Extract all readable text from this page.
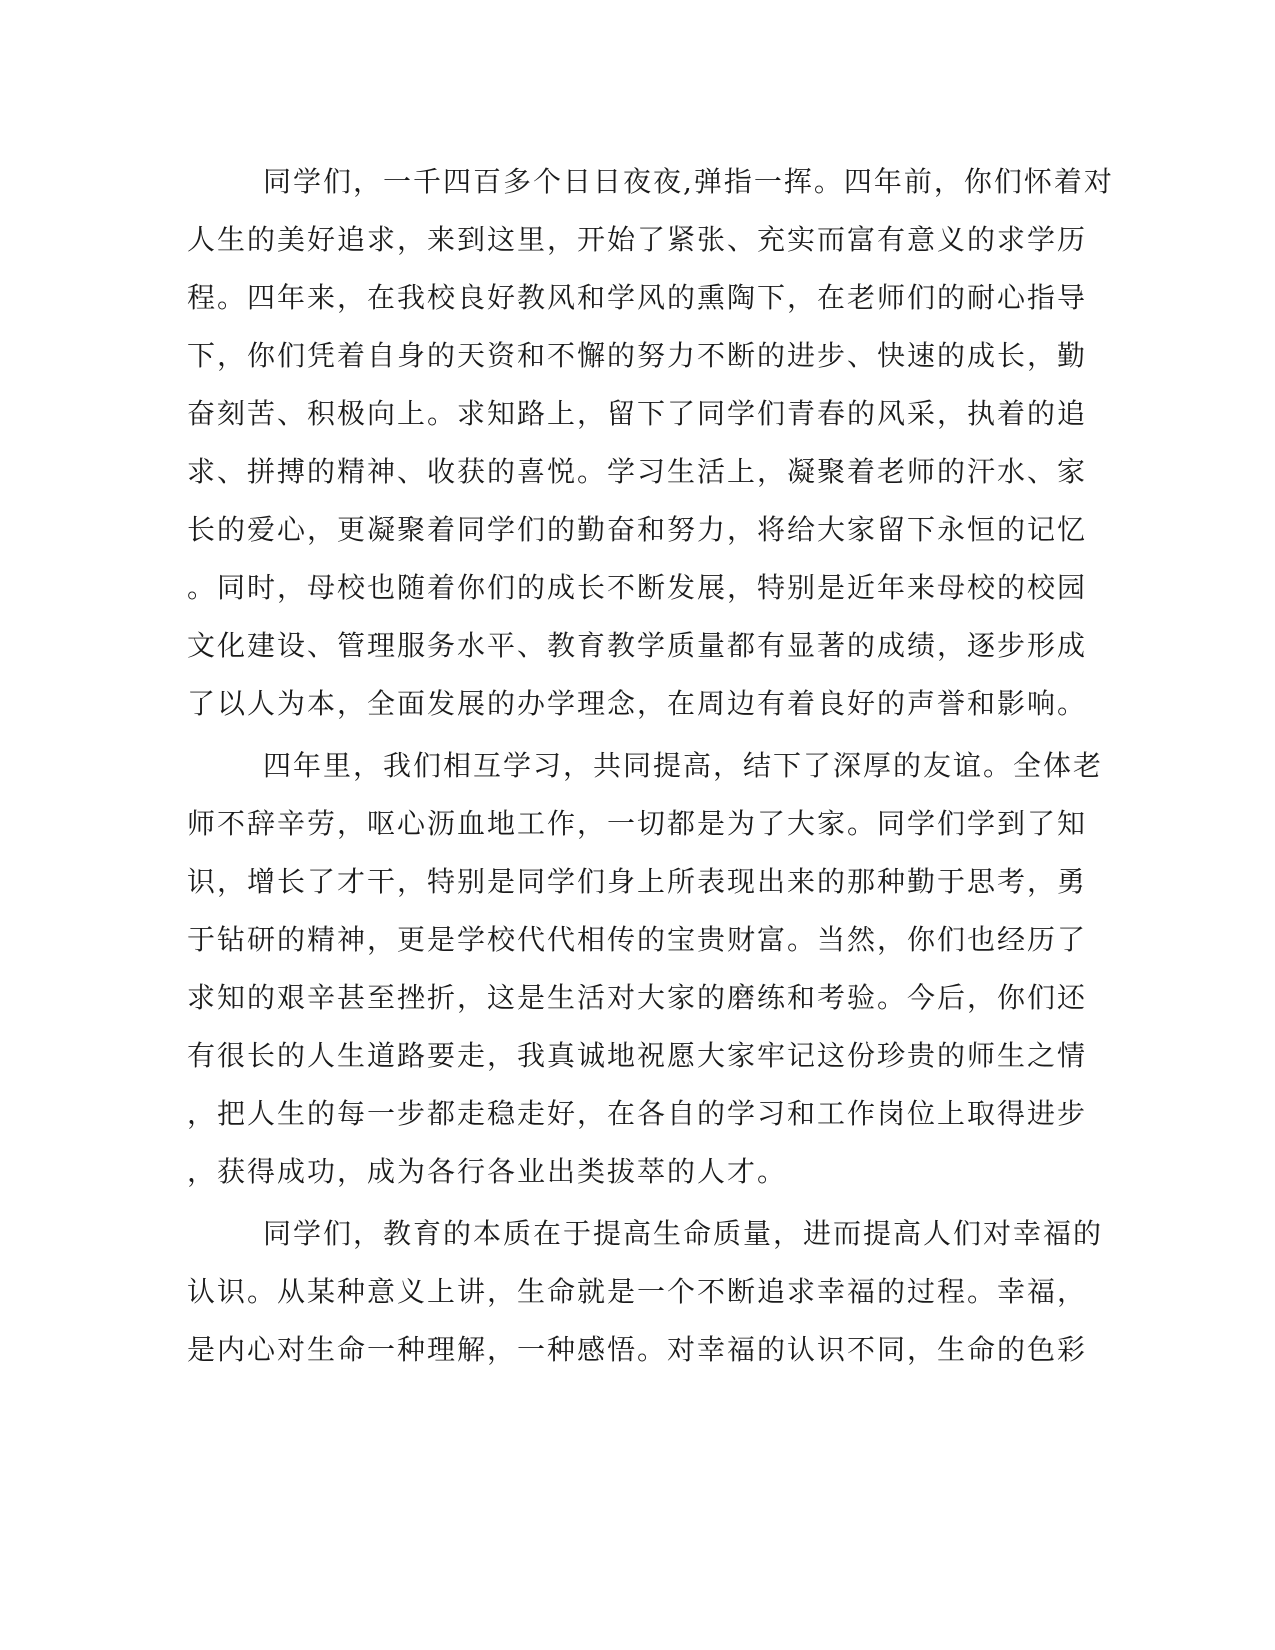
同学们，一千四百多个日日夜夜,弹指一挥。四年前，你们怀着对
人生的美好追求，来到这里，开始了紧张、充实而富有意义的求学历
程。四年来，在我校良好教风和学风的熏陶下，在老师们的耐心指导
下，你们凭着自身的天资和不懈的努力不断的进步、快速的成长，勤
奋刻苦、积极向上。求知路上，留下了同学们青春的风采，执着的追
求、拼搏的精神、收获的喜悦。学习生活上，凝聚着老师的汗水、家
长的爱心，更凝聚着同学们的勤奋和努力，将给大家留下永恒的记忆
。同时，母校也随着你们的成长不断发展，特别是近年来母校的校园
文化建设、管理服务水平、教育教学质量都有显著的成绩，逐步形成
了以人为本，全面发展的办学理念，在周边有着良好的声誉和影响。
四年里，我们相互学习，共同提高，结下了深厚的友谊。全体老
师不辞辛劳，呕心沥血地工作，一切都是为了大家。同学们学到了知
识，增长了才干，特别是同学们身上所表现出来的那种勤于思考，勇
于钻研的精神，更是学校代代相传的宝贵财富。当然，你们也经历了
求知的艰辛甚至挫折，这是生活对大家的磨练和考验。今后，你们还
有很长的人生道路要走，我真诚地祝愿大家牢记这份珍贵的师生之情
，把人生的每一步都走稳走好，在各自的学习和工作岗位上取得进步
，获得成功，成为各行各业出类拔萃的人才。
同学们，教育的本质在于提高生命质量，进而提高人们对幸福的
认识。从某种意义上讲，生命就是一个不断追求幸福的过程。幸福，
是内心对生命一种理解，一种感悟。对幸福的认识不同，生命的色彩
